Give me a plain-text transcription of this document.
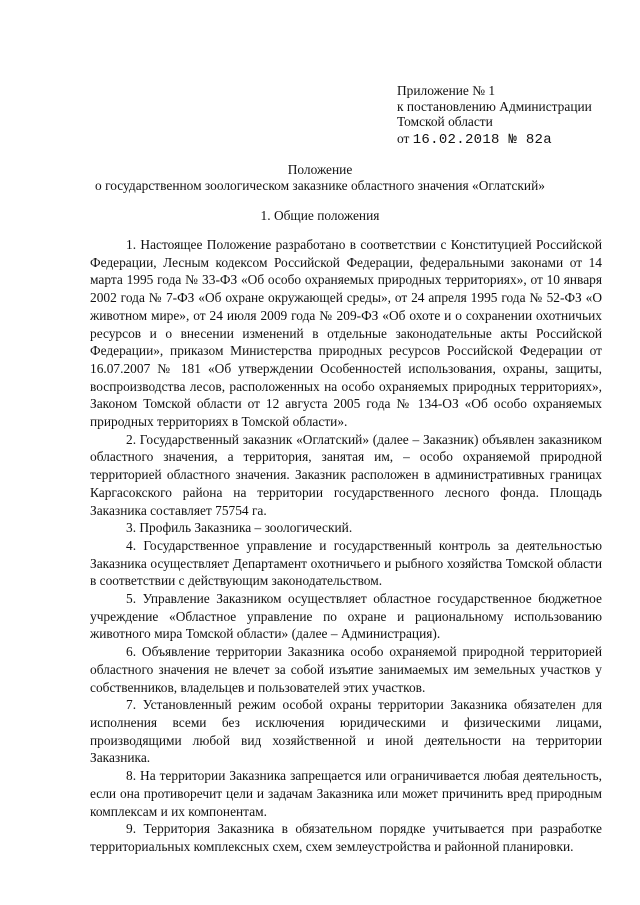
Приложение № 1
к постановлению Администрации
Томской области
от 16.02.2018 № 82а
Положение
о государственном зоологическом заказнике областного значения «Оглатский»
1. Общие положения

1. Настоящее Положение разработано в соответствии с Конституцией Российской Федерации, Лесным кодексом Российской Федерации, федеральными законами от 14 марта 1995 года № 33-ФЗ «Об особо охраняемых природных территориях», от 10 января 2002 года № 7-ФЗ «Об охране окружающей среды», от 24 апреля 1995 года № 52-ФЗ «О животном мире», от 24 июля 2009 года № 209-ФЗ «Об охоте и о сохранении охотничьих ресурсов и о внесении изменений в отдельные законодательные акты Российской Федерации», приказом Министерства природных ресурсов Российской Федерации от 16.07.2007 № 181 «Об утверждении Особенностей использования, охраны, защиты, воспроизводства лесов, расположенных на особо охраняемых природных территориях», Законом Томской области от 12 августа 2005 года № 134-ОЗ «Об особо охраняемых природных территориях в Томской области».

2. Государственный заказник «Оглатский» (далее – Заказник) объявлен заказником областного значения, а территория, занятая им, – особо охраняемой природной территорией областного значения. Заказник расположен в административных границах Каргасокского района на территории государственного лесного фонда. Площадь Заказника составляет 75754 га.

3. Профиль Заказника – зоологический.

4. Государственное управление и государственный контроль за деятельностью Заказника осуществляет Департамент охотничьего и рыбного хозяйства Томской области в соответствии с действующим законодательством.

5. Управление Заказником осуществляет областное государственное бюджетное учреждение «Областное управление по охране и рациональному использованию животного мира Томской области» (далее – Администрация).

6. Объявление территории Заказника особо охраняемой природной территорией областного значения не влечет за собой изъятие занимаемых им земельных участков у собственников, владельцев и пользователей этих участков.

7. Установленный режим особой охраны территории Заказника обязателен для исполнения всеми без исключения юридическими и физическими лицами, производящими любой вид хозяйственной и иной деятельности на территории Заказника.

8. На территории Заказника запрещается или ограничивается любая деятельность, если она противоречит цели и задачам Заказника или может причинить вред природным комплексам и их компонентам.

9. Территория Заказника в обязательном порядке учитывается при разработке территориальных комплексных схем, схем землеустройства и районной планировки.
